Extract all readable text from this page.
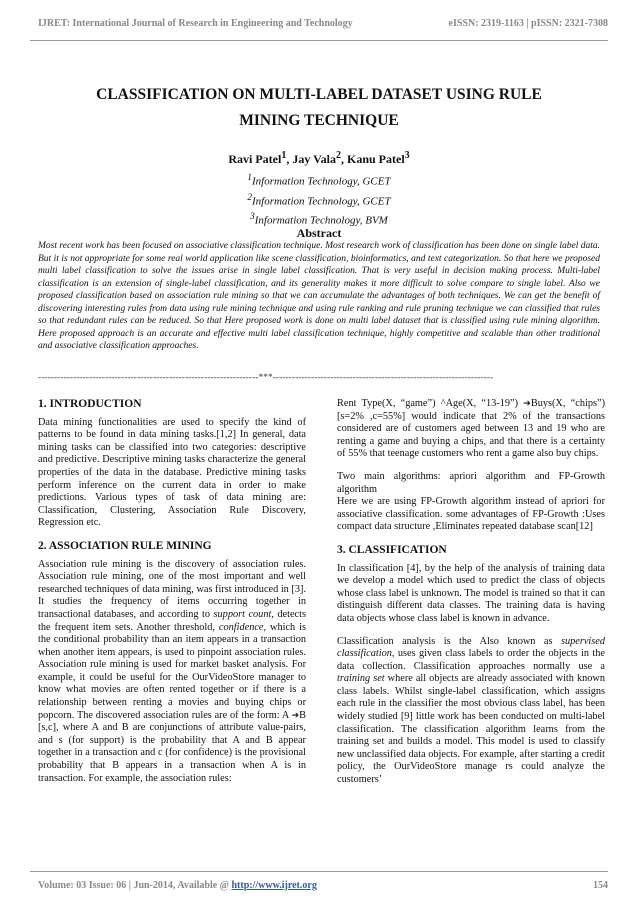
IJRET: International Journal of Research in Engineering and Technology	eISSN: 2319-1163 | pISSN: 2321-7308
CLASSIFICATION ON MULTI-LABEL DATASET USING RULE
MINING TECHNIQUE
Ravi Patel$^1$, Jay Vala$^2$, Kanu Patel$^3$
$^1$Information Technology, GCET
$^2$Information Technology, GCET
$^3$Information Technology, BVM
Abstract
Most recent work has been focused on associative classification technique. Most research work of classification has been done on single label data. But it is not appropriate for some real world application like scene classification, bioinformatics, and text categorization. So that here we proposed multi label classification to solve the issues arise in single label classification. That is very useful in decision making process. Multi-label classification is an extension of single-label classification, and its generality makes it more difficult to solve compare to single label. Also we proposed classification based on association rule mining so that we can accumulate the advantages of both techniques. We can get the benefit of discovering interesting rules from data using rule mining technique and using rule ranking and rule pruning technique we can classified that rules so that redundant rules can be reduced. So that Here proposed work is done on multi label dataset that is classified using rule mining algorithm. Here proposed approach is an accurate and effective multi label classification technique, highly competitive and scalable than other traditional and associative classification approaches.
---------------------------------------------------------------------***---------------------------------------------------------------------
1. INTRODUCTION

Data mining functionalities are used to specify the kind of patterns to be found in data mining tasks.[1,2] In general, data mining tasks can be classified into two categories: descriptive and predictive. Descriptive mining tasks characterize the general properties of the data in the database. Predictive mining tasks perform inference on the current data in order to make predictions. Various types of task of data mining are: Classification, Clustering, Association Rule Discovery, Regression etc.

2. ASSOCIATION RULE MINING

Association rule mining is the discovery of association rules. Association rule mining, one of the most important and well researched techniques of data mining, was first introduced in [3]. It studies the frequency of items occurring together in transactional databases, and according to support count, detects the frequent item sets. Another threshold, confidence, which is the conditional probability than an item appears in a transaction when another item appears, is used to pinpoint association rules. Association rule mining is used for market basket analysis. For example, it could be useful for the OurVideoStore manager to know what movies are often rented together or if there is a relationship between renting a movies and buying chips or popcorn. The discovered association rules are of the form: A ➔B [s,c], where A and B are conjunctions of attribute value-pairs, and s (for support) is the probability that A and B appear together in a transaction and c (for confidence) is the provisional probability that B appears in a transaction when A is in transaction. For example, the association rules:

Rent Type(X, “game”) ^Age(X, “13-19”) ➔Buys(X, “chips”) [s=2% ,c=55%] would indicate that 2% of the transactions considered are of customers aged between 13 and 19 who are renting a game and buying a chips, and that there is a certainty of 55% that teenage customers who rent a game also buy chips.

Two main algorithms: apriori algorithm and FP-Growth algorithm
Here we are using FP-Growth algorithm instead of apriori for associative classification. some advantages of FP-Growth :Uses compact data structure ,Eliminates repeated database scan[12]

3. CLASSIFICATION

In classification [4], by the help of the analysis of training data we develop a model which used to predict the class of objects whose class label is unknown. The model is trained so that it can distinguish different data classes. The training data is having data objects whose class label is known in advance.

Classification analysis is the Also known as supervised classification, uses given class labels to order the objects in the data collection. Classification approaches normally use a training set where all objects are already associated with known class labels. Whilst single-label classification, which assigns each rule in the classifier the most obvious class label, has been widely studied [9] little work has been conducted on multi-label classification. The classification algorithm learns from the training set and builds a model. This model is used to classify new unclassified data objects. For example, after starting a credit policy, the OurVideoStore manage rs could analyze the customers’

Volume: 03 Issue: 06 | Jun-2014, Available @ http://www.ijret.org	154
